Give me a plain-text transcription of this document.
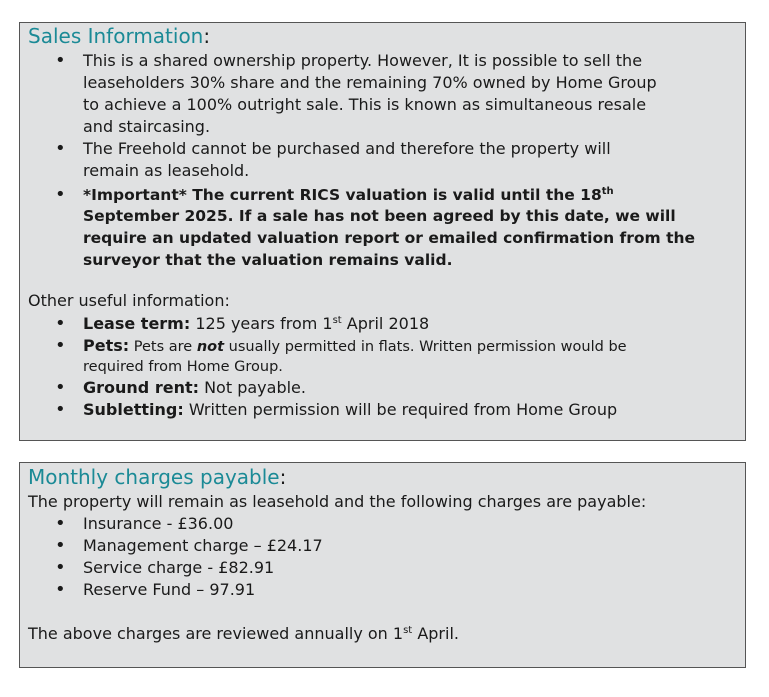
Sales Information:
• This is a shared ownership property. However, It is possible to sell the
leaseholders 30% share and the remaining 70% owned by Home Group
to achieve a 100% outright sale. This is known as simultaneous resale
and staircasing.
• The Freehold cannot be purchased and therefore the property will
remain as leasehold.
• *Important* The current RICS valuation is valid until the 18th
September 2025. If a sale has not been agreed by this date, we will
require an updated valuation report or emailed confirmation from the
surveyor that the valuation remains valid.
Other useful information:
• Lease term: 125 years from 1st April 2018
• Pets: Pets are not usually permitted in flats. Written permission would be
required from Home Group.
• Ground rent: Not payable.
• Subletting: Written permission will be required from Home Group
Monthly charges payable:
The property will remain as leasehold and the following charges are payable:
• Insurance - £36.00
• Management charge – £24.17
• Service charge - £82.91
• Reserve Fund – 97.91
The above charges are reviewed annually on 1st April.
